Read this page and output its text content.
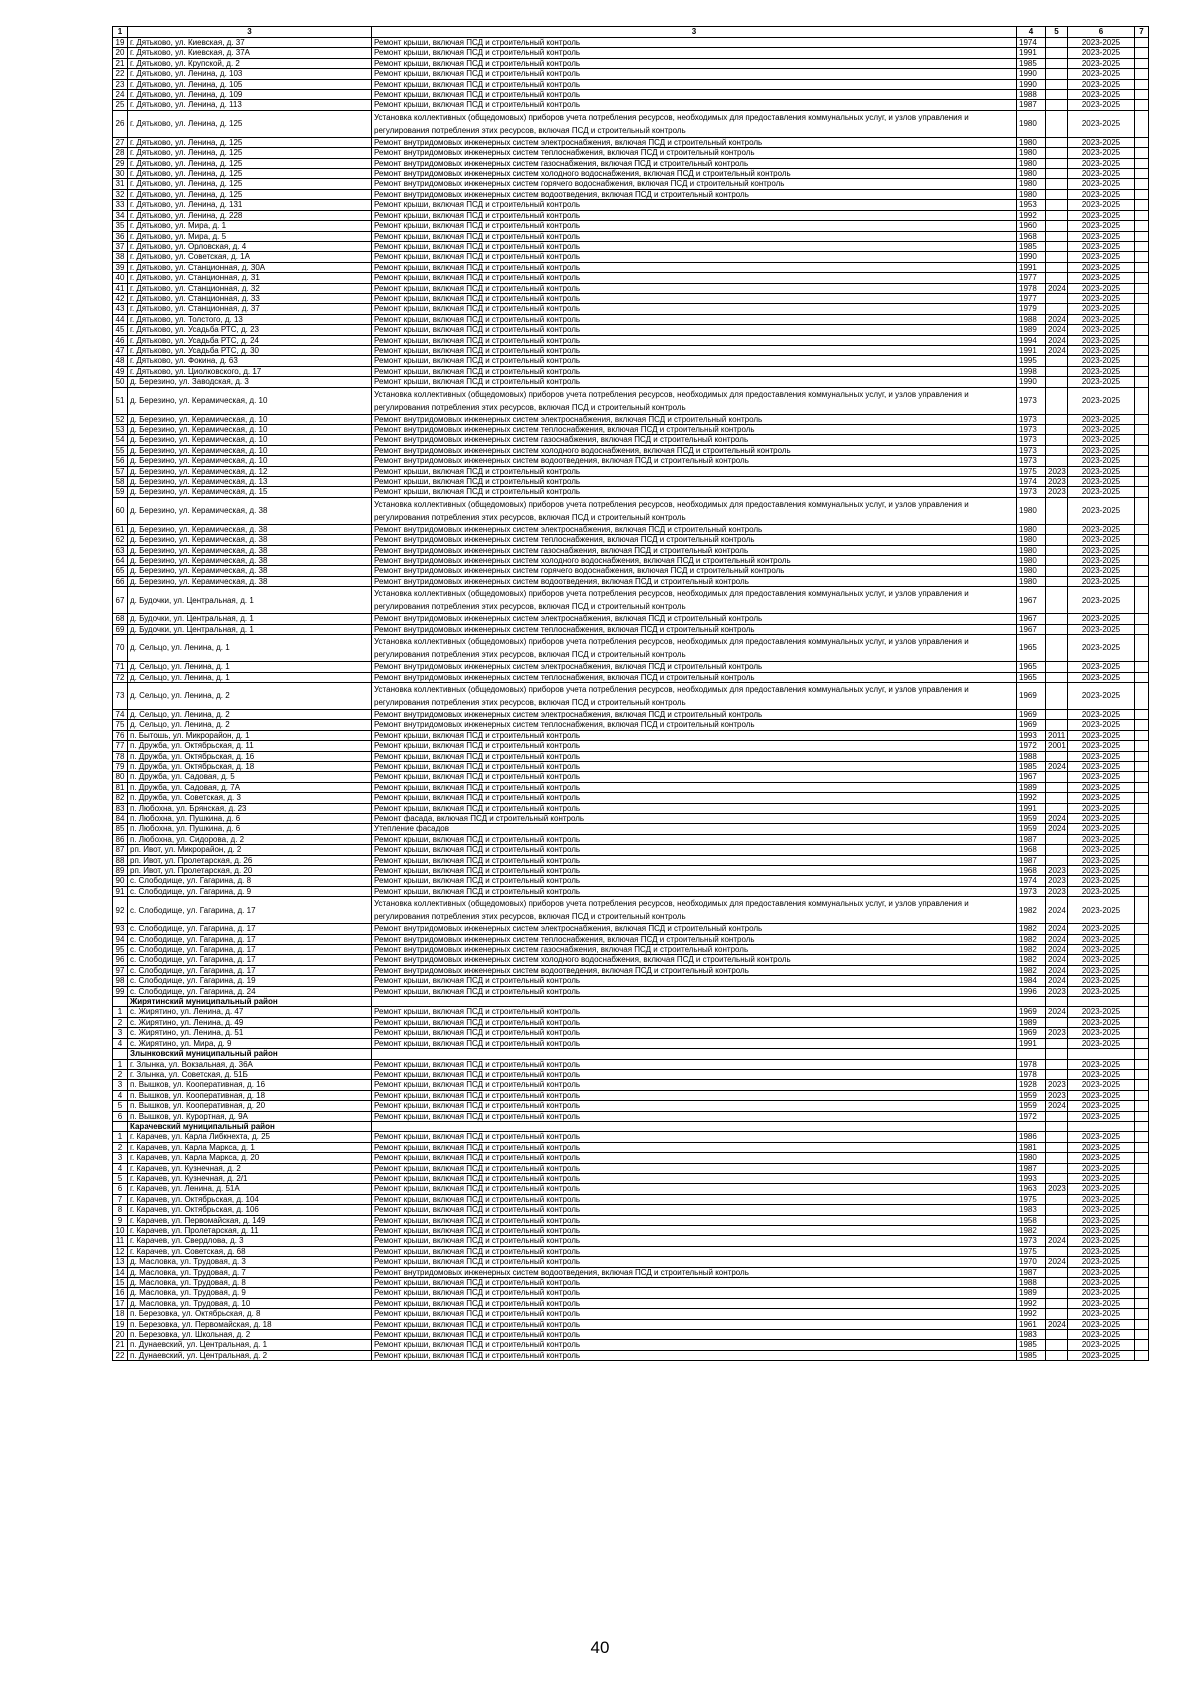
1	3	3	4	5	6	7
19	г. Дятьково, ул. Киевская, д. 37	Ремонт крыши, включая ПСД и строительный контроль	1974		2023-2025	
20	г. Дятьково, ул. Киевская, д. 37А	Ремонт крыши, включая ПСД и строительный контроль	1991		2023-2025	
21	г. Дятьково, ул. Крупской, д. 2	Ремонт крыши, включая ПСД и строительный контроль	1985		2023-2025	
22	г. Дятьково, ул. Ленина, д. 103	Ремонт крыши, включая ПСД и строительный контроль	1990		2023-2025	
23	г. Дятьково, ул. Ленина, д. 105	Ремонт крыши, включая ПСД и строительный контроль	1990		2023-2025	
24	г. Дятьково, ул. Ленина, д. 109	Ремонт крыши, включая ПСД и строительный контроль	1988		2023-2025	
25	г. Дятьково, ул. Ленина, д. 113	Ремонт крыши, включая ПСД и строительный контроль	1987		2023-2025	
26	г. Дятьково, ул. Ленина, д. 125	Установка коллективных (общедомовых) приборов учета потребления ресурсов, необходимых для предоставления коммунальных услуг, и узлов управления и регулирования потребления этих ресурсов, включая ПСД и строительный контроль	1980		2023-2025	
27	г. Дятьково, ул. Ленина, д. 125	Ремонт внутридомовых инженерных систем электроснабжения, включая ПСД и строительный контроль	1980		2023-2025	
28	г. Дятьково, ул. Ленина, д. 125	Ремонт внутридомовых инженерных систем теплоснабжения, включая ПСД и строительный контроль	1980		2023-2025	
29	г. Дятьково, ул. Ленина, д. 125	Ремонт внутридомовых инженерных систем газоснабжения, включая ПСД и строительный контроль	1980		2023-2025	
30	г. Дятьково, ул. Ленина, д. 125	Ремонт внутридомовых инженерных систем холодного водоснабжения, включая ПСД и строительный контроль	1980		2023-2025	
31	г. Дятьково, ул. Ленина, д. 125	Ремонт внутридомовых инженерных систем горячего водоснабжения, включая ПСД и строительный контроль	1980		2023-2025	
32	г. Дятьково, ул. Ленина, д. 125	Ремонт внутридомовых инженерных систем водоотведения, включая ПСД и строительный контроль	1980		2023-2025	
33	г. Дятьково, ул. Ленина, д. 131	Ремонт крыши, включая ПСД и строительный контроль	1953		2023-2025	
34	г. Дятьково, ул. Ленина, д. 228	Ремонт крыши, включая ПСД и строительный контроль	1992		2023-2025	
35	г. Дятьково, ул. Мира, д. 1	Ремонт крыши, включая ПСД и строительный контроль	1960		2023-2025	
36	г. Дятьково, ул. Мира, д. 5	Ремонт крыши, включая ПСД и строительный контроль	1968		2023-2025	
37	г. Дятьково, ул. Орловская, д. 4	Ремонт крыши, включая ПСД и строительный контроль	1985		2023-2025	
38	г. Дятьково, ул. Советская, д. 1А	Ремонт крыши, включая ПСД и строительный контроль	1990		2023-2025	
39	г. Дятьково, ул. Станционная, д. 30А	Ремонт крыши, включая ПСД и строительный контроль	1991		2023-2025	
40	г. Дятьково, ул. Станционная, д. 31	Ремонт крыши, включая ПСД и строительный контроль	1977		2023-2025	
41	г. Дятьково, ул. Станционная, д. 32	Ремонт крыши, включая ПСД и строительный контроль	1978	2024	2023-2025	
42	г. Дятьково, ул. Станционная, д. 33	Ремонт крыши, включая ПСД и строительный контроль	1977		2023-2025	
43	г. Дятьково, ул. Станционная, д. 37	Ремонт крыши, включая ПСД и строительный контроль	1979		2023-2025	
44	г. Дятьково, ул. Толстого, д. 13	Ремонт крыши, включая ПСД и строительный контроль	1988	2024	2023-2025	
45	г. Дятьково, ул. Усадьба РТС, д. 23	Ремонт крыши, включая ПСД и строительный контроль	1989	2024	2023-2025	
46	г. Дятьково, ул. Усадьба РТС, д. 24	Ремонт крыши, включая ПСД и строительный контроль	1994	2024	2023-2025	
47	г. Дятьково, ул. Усадьба РТС, д. 30	Ремонт крыши, включая ПСД и строительный контроль	1991	2024	2023-2025	
48	г. Дятьково, ул. Фокина, д. 63	Ремонт крыши, включая ПСД и строительный контроль	1995		2023-2025	
49	г. Дятьково, ул. Циолковского, д. 17	Ремонт крыши, включая ПСД и строительный контроль	1998		2023-2025	
50	д. Березино, ул. Заводская, д. 3	Ремонт крыши, включая ПСД и строительный контроль	1990		2023-2025	
51	д. Березино, ул. Керамическая, д. 10	Установка коллективных (общедомовых) приборов учета потребления ресурсов, необходимых для предоставления коммунальных услуг, и узлов управления и регулирования потребления этих ресурсов, включая ПСД и строительный контроль	1973		2023-2025	
52	д. Березино, ул. Керамическая, д. 10	Ремонт внутридомовых инженерных систем электроснабжения, включая ПСД и строительный контроль	1973		2023-2025	
53	д. Березино, ул. Керамическая, д. 10	Ремонт внутридомовых инженерных систем теплоснабжения, включая ПСД и строительный контроль	1973		2023-2025	
54	д. Березино, ул. Керамическая, д. 10	Ремонт внутридомовых инженерных систем газоснабжения, включая ПСД и строительный контроль	1973		2023-2025	
55	д. Березино, ул. Керамическая, д. 10	Ремонт внутридомовых инженерных систем холодного водоснабжения, включая ПСД и строительный контроль	1973		2023-2025	
56	д. Березино, ул. Керамическая, д. 10	Ремонт внутридомовых инженерных систем водоотведения, включая ПСД и строительный контроль	1973		2023-2025	
57	д. Березино, ул. Керамическая, д. 12	Ремонт крыши, включая ПСД и строительный контроль	1975	2023	2023-2025	
58	д. Березино, ул. Керамическая, д. 13	Ремонт крыши, включая ПСД и строительный контроль	1974	2023	2023-2025	
59	д. Березино, ул. Керамическая, д. 15	Ремонт крыши, включая ПСД и строительный контроль	1973	2023	2023-2025	
60	д. Березино, ул. Керамическая, д. 38	Установка коллективных (общедомовых) приборов учета потребления ресурсов, необходимых для предоставления коммунальных услуг, и узлов управления и регулирования потребления этих ресурсов, включая ПСД и строительный контроль	1980		2023-2025	
61	д. Березино, ул. Керамическая, д. 38	Ремонт внутридомовых инженерных систем электроснабжения, включая ПСД и строительный контроль	1980		2023-2025	
62	д. Березино, ул. Керамическая, д. 38	Ремонт внутридомовых инженерных систем теплоснабжения, включая ПСД и строительный контроль	1980		2023-2025	
63	д. Березино, ул. Керамическая, д. 38	Ремонт внутридомовых инженерных систем газоснабжения, включая ПСД и строительный контроль	1980		2023-2025	
64	д. Березино, ул. Керамическая, д. 38	Ремонт внутридомовых инженерных систем холодного водоснабжения, включая ПСД и строительный контроль	1980		2023-2025	
65	д. Березино, ул. Керамическая, д. 38	Ремонт внутридомовых инженерных систем горячего водоснабжения, включая ПСД и строительный контроль	1980		2023-2025	
66	д. Березино, ул. Керамическая, д. 38	Ремонт внутридомовых инженерных систем водоотведения, включая ПСД и строительный контроль	1980		2023-2025	
67	д. Будочки, ул. Центральная, д. 1	Установка коллективных (общедомовых) приборов учета потребления ресурсов, необходимых для предоставления коммунальных услуг, и узлов управления и регулирования потребления этих ресурсов, включая ПСД и строительный контроль	1967		2023-2025	
68	д. Будочки, ул. Центральная, д. 1	Ремонт внутридомовых инженерных систем электроснабжения, включая ПСД и строительный контроль	1967		2023-2025	
69	д. Будочки, ул. Центральная, д. 1	Ремонт внутридомовых инженерных систем теплоснабжения, включая ПСД и строительный контроль	1967		2023-2025	
70	д. Сельцо, ул. Ленина, д. 1	Установка коллективных (общедомовых) приборов учета потребления ресурсов, необходимых для предоставления коммунальных услуг, и узлов управления и регулирования потребления этих ресурсов, включая ПСД и строительный контроль	1965		2023-2025	
71	д. Сельцо, ул. Ленина, д. 1	Ремонт внутридомовых инженерных систем электроснабжения, включая ПСД и строительный контроль	1965		2023-2025	
72	д. Сельцо, ул. Ленина, д. 1	Ремонт внутридомовых инженерных систем теплоснабжения, включая ПСД и строительный контроль	1965		2023-2025	
73	д. Сельцо, ул. Ленина, д. 2	Установка коллективных (общедомовых) приборов учета потребления ресурсов, необходимых для предоставления коммунальных услуг, и узлов управления и регулирования потребления этих ресурсов, включая ПСД и строительный контроль	1969		2023-2025	
74	д. Сельцо, ул. Ленина, д. 2	Ремонт внутридомовых инженерных систем электроснабжения, включая ПСД и строительный контроль	1969		2023-2025	
75	д. Сельцо, ул. Ленина, д. 2	Ремонт внутридомовых инженерных систем теплоснабжения, включая ПСД и строительный контроль	1969		2023-2025	
76	п. Бытошь, ул. Микрорайон, д. 1	Ремонт крыши, включая ПСД и строительный контроль	1993	2011	2023-2025	
77	п. Дружба, ул. Октябрьская, д. 11	Ремонт крыши, включая ПСД и строительный контроль	1972	2001	2023-2025	
78	п. Дружба, ул. Октябрьская, д. 16	Ремонт крыши, включая ПСД и строительный контроль	1988		2023-2025	
79	п. Дружба, ул. Октябрьская, д. 18	Ремонт крыши, включая ПСД и строительный контроль	1985	2024	2023-2025	
80	п. Дружба, ул. Садовая, д. 5	Ремонт крыши, включая ПСД и строительный контроль	1967		2023-2025	
81	п. Дружба, ул. Садовая, д. 7А	Ремонт крыши, включая ПСД и строительный контроль	1989		2023-2025	
82	п. Дружба, ул. Советская, д. 3	Ремонт крыши, включая ПСД и строительный контроль	1992		2023-2025	
83	п. Любохна, ул. Брянская, д. 23	Ремонт крыши, включая ПСД и строительный контроль	1991		2023-2025	
84	п. Любохна, ул. Пушкина, д. 6	Ремонт фасада, включая ПСД и строительный контроль	1959	2024	2023-2025	
85	п. Любохна, ул. Пушкина, д. 6	Утепление фасадов	1959	2024	2023-2025	
86	п. Любохна, ул. Сидорова, д. 2	Ремонт крыши, включая ПСД и строительный контроль	1987		2023-2025	
87	рп. Ивот, ул. Микрорайон, д. 2	Ремонт крыши, включая ПСД и строительный контроль	1968		2023-2025	
88	рп. Ивот, ул. Пролетарская, д. 26	Ремонт крыши, включая ПСД и строительный контроль	1987		2023-2025	
89	рп. Ивот, ул. Пролетарская, д. 20	Ремонт крыши, включая ПСД и строительный контроль	1968	2023	2023-2025	
90	с. Слободище, ул. Гагарина, д. 8	Ремонт крыши, включая ПСД и строительный контроль	1974	2023	2023-2025	
91	с. Слободище, ул. Гагарина, д. 9	Ремонт крыши, включая ПСД и строительный контроль	1973	2023	2023-2025	
92	с. Слободище, ул. Гагарина, д. 17	Установка коллективных (общедомовых) приборов учета потребления ресурсов, необходимых для предоставления коммунальных услуг, и узлов управления и регулирования потребления этих ресурсов, включая ПСД и строительный контроль	1982	2024	2023-2025	
93	с. Слободище, ул. Гагарина, д. 17	Ремонт внутридомовых инженерных систем электроснабжения, включая ПСД и строительный контроль	1982	2024	2023-2025	
94	с. Слободище, ул. Гагарина, д. 17	Ремонт внутридомовых инженерных систем теплоснабжения, включая ПСД и строительный контроль	1982	2024	2023-2025	
95	с. Слободище, ул. Гагарина, д. 17	Ремонт внутридомовых инженерных систем газоснабжения, включая ПСД и строительный контроль	1982	2024	2023-2025	
96	с. Слободище, ул. Гагарина, д. 17	Ремонт внутридомовых инженерных систем холодного водоснабжения, включая ПСД и строительный контроль	1982	2024	2023-2025	
97	с. Слободище, ул. Гагарина, д. 17	Ремонт внутридомовых инженерных систем водоотведения, включая ПСД и строительный контроль	1982	2024	2023-2025	
98	с. Слободище, ул. Гагарина, д. 19	Ремонт крыши, включая ПСД и строительный контроль	1984	2024	2023-2025	
99	с. Слободище, ул. Гагарина, д. 24	Ремонт крыши, включая ПСД и строительный контроль	1996	2023	2023-2025	
	Жирятинский муниципальный район					
1	с. Жирятино, ул. Ленина, д. 47	Ремонт крыши, включая ПСД и строительный контроль	1969	2024	2023-2025	
2	с. Жирятино, ул. Ленина, д. 49	Ремонт крыши, включая ПСД и строительный контроль	1989		2023-2025	
3	с. Жирятино, ул. Ленина, д. 51	Ремонт крыши, включая ПСД и строительный контроль	1969	2023	2023-2025	
4	с. Жирятино, ул. Мира, д. 9	Ремонт крыши, включая ПСД и строительный контроль	1991		2023-2025	
	Злынковский муниципальный район					
1	г. Злынка, ул. Вокзальная, д. 36А	Ремонт крыши, включая ПСД и строительный контроль	1978		2023-2025	
2	г. Злынка, ул. Советская, д. 51Б	Ремонт крыши, включая ПСД и строительный контроль	1978		2023-2025	
3	п. Вышков, ул. Кооперативная, д. 16	Ремонт крыши, включая ПСД и строительный контроль	1928	2023	2023-2025	
4	п. Вышков, ул. Кооперативная, д. 18	Ремонт крыши, включая ПСД и строительный контроль	1959	2023	2023-2025	
5	п. Вышков, ул. Кооперативная, д. 20	Ремонт крыши, включая ПСД и строительный контроль	1959	2024	2023-2025	
6	п. Вышков, ул. Курортная, д. 9А	Ремонт крыши, включая ПСД и строительный контроль	1972		2023-2025	
	Карачевский муниципальный район					
1	г. Карачев, ул. Карла Либкнехта, д. 25	Ремонт крыши, включая ПСД и строительный контроль	1986		2023-2025	
2	г. Карачев, ул. Карла Маркса, д. 1	Ремонт крыши, включая ПСД и строительный контроль	1981		2023-2025	
3	г. Карачев, ул. Карла Маркса, д. 20	Ремонт крыши, включая ПСД и строительный контроль	1980		2023-2025	
4	г. Карачев, ул. Кузнечная, д. 2	Ремонт крыши, включая ПСД и строительный контроль	1987		2023-2025	
5	г. Карачев, ул. Кузнечная, д. 2/1	Ремонт крыши, включая ПСД и строительный контроль	1993		2023-2025	
6	г. Карачев, ул. Ленина, д. 51А	Ремонт крыши, включая ПСД и строительный контроль	1963	2023	2023-2025	
7	г. Карачев, ул. Октябрьская, д. 104	Ремонт крыши, включая ПСД и строительный контроль	1975		2023-2025	
8	г. Карачев, ул. Октябрьская, д. 106	Ремонт крыши, включая ПСД и строительный контроль	1983		2023-2025	
9	г. Карачев, ул. Первомайская, д. 149	Ремонт крыши, включая ПСД и строительный контроль	1958		2023-2025	
10	г. Карачев, ул. Пролетарская, д. 11	Ремонт крыши, включая ПСД и строительный контроль	1982		2023-2025	
11	г. Карачев, ул. Свердлова, д. 3	Ремонт крыши, включая ПСД и строительный контроль	1973	2024	2023-2025	
12	г. Карачев, ул. Советская, д. 68	Ремонт крыши, включая ПСД и строительный контроль	1975		2023-2025	
13	д. Масловка, ул. Трудовая, д. 3	Ремонт крыши, включая ПСД и строительный контроль	1970	2024	2023-2025	
14	д. Масловка, ул. Трудовая, д. 7	Ремонт внутридомовых инженерных систем водоотведения, включая ПСД и строительный контроль	1987		2023-2025	
15	д. Масловка, ул. Трудовая, д. 8	Ремонт крыши, включая ПСД и строительный контроль	1988		2023-2025	
16	д. Масловка, ул. Трудовая, д. 9	Ремонт крыши, включая ПСД и строительный контроль	1989		2023-2025	
17	д. Масловка, ул. Трудовая, д. 10	Ремонт крыши, включая ПСД и строительный контроль	1992		2023-2025	
18	п. Березовка, ул. Октябрьская, д. 8	Ремонт крыши, включая ПСД и строительный контроль	1992		2023-2025	
19	п. Березовка, ул. Первомайская, д. 18	Ремонт крыши, включая ПСД и строительный контроль	1961	2024	2023-2025	
20	п. Березовка, ул. Школьная, д. 2	Ремонт крыши, включая ПСД и строительный контроль	1983		2023-2025	
21	п. Дунаевский, ул. Центральная, д. 1	Ремонт крыши, включая ПСД и строительный контроль	1985		2023-2025	
22	п. Дунаевский, ул. Центральная, д. 2	Ремонт крыши, включая ПСД и строительный контроль	1985		2023-2025	
40
